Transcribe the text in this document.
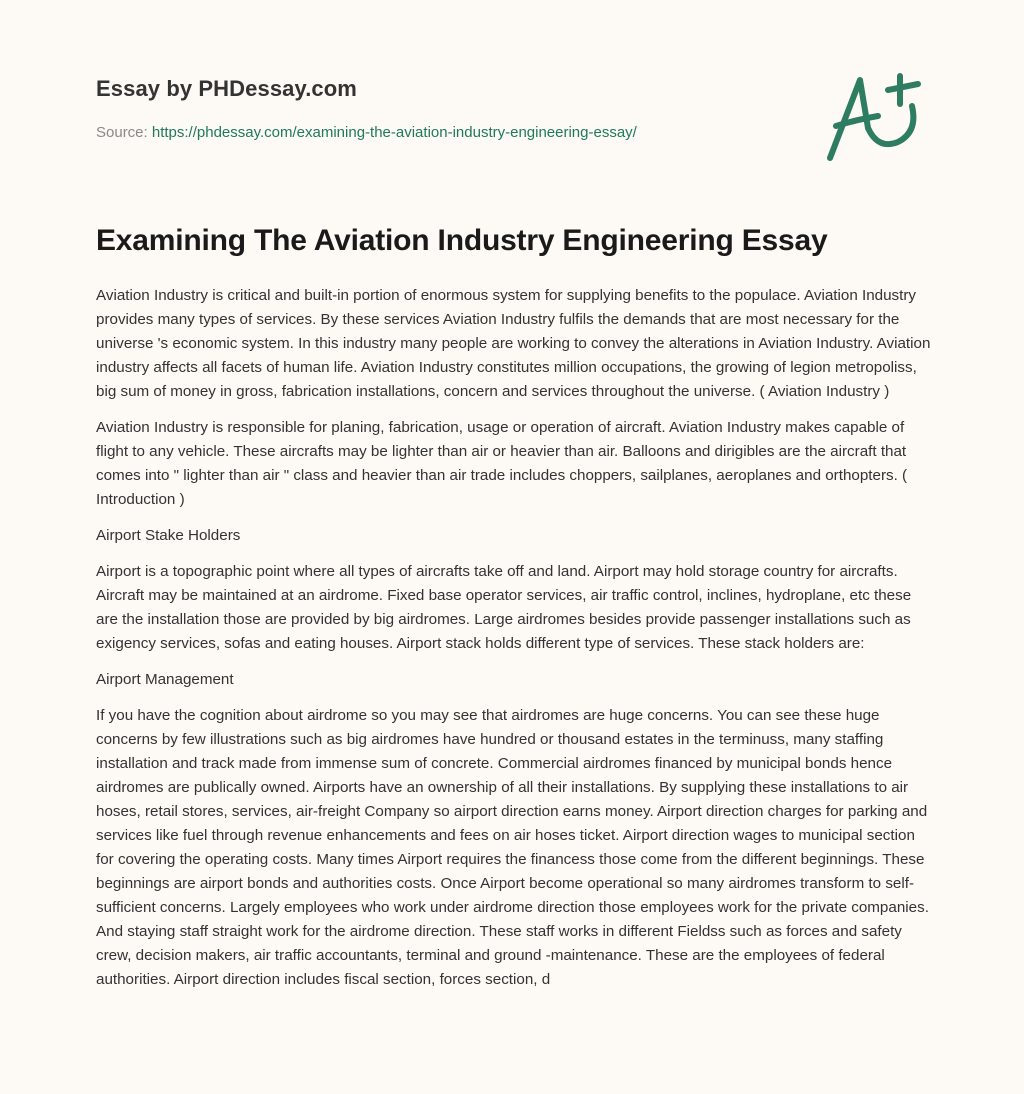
Essay by PHDessay.com

Source: https://phdessay.com/examining-the-aviation-industry-engineering-essay/

Examining The Aviation Industry Engineering Essay

Aviation Industry is critical and built-in portion of enormous system for supplying benefits to the populace. Aviation Industry provides many types of services. By these services Aviation Industry fulfils the demands that are most necessary for the universe 's economic system. In this industry many people are working to convey the alterations in Aviation Industry. Aviation industry affects all facets of human life. Aviation Industry constitutes million occupations, the growing of legion metropoliss, big sum of money in gross, fabrication installations, concern and services throughout the universe. ( Aviation Industry )

Aviation Industry is responsible for planing, fabrication, usage or operation of aircraft. Aviation Industry makes capable of flight to any vehicle. These aircrafts may be lighter than air or heavier than air. Balloons and dirigibles are the aircraft that comes into " lighter than air " class and heavier than air trade includes choppers, sailplanes, aeroplanes and orthopters. ( Introduction )

Airport Stake Holders

Airport is a topographic point where all types of aircrafts take off and land. Airport may hold storage country for aircrafts. Aircraft may be maintained at an airdrome. Fixed base operator services, air traffic control, inclines, hydroplane, etc these are the installation those are provided by big airdromes. Large airdromes besides provide passenger installations such as exigency services, sofas and eating houses. Airport stack holds different type of services. These stack holders are:

Airport Management

If you have the cognition about airdrome so you may see that airdromes are huge concerns. You can see these huge concerns by few illustrations such as big airdromes have hundred or thousand estates in the terminuss, many staffing installation and track made from immense sum of concrete. Commercial airdromes financed by municipal bonds hence airdromes are publically owned. Airports have an ownership of all their installations. By supplying these installations to air hoses, retail stores, services, air-freight Company so airport direction earns money. Airport direction charges for parking and services like fuel through revenue enhancements and fees on air hoses ticket. Airport direction wages to municipal section for covering the operating costs. Many times Airport requires the financess those come from the different beginnings. These beginnings are airport bonds and authorities costs. Once Airport become operational so many airdromes transform to self-sufficient concerns. Largely employees who work under airdrome direction those employees work for the private companies. And staying staff straight work for the airdrome direction. These staff works in different Fieldss such as forces and safety crew, decision makers, air traffic accountants, terminal and ground -maintenance. These are the employees of federal authorities. Airport direction includes fiscal section, forces section, d
